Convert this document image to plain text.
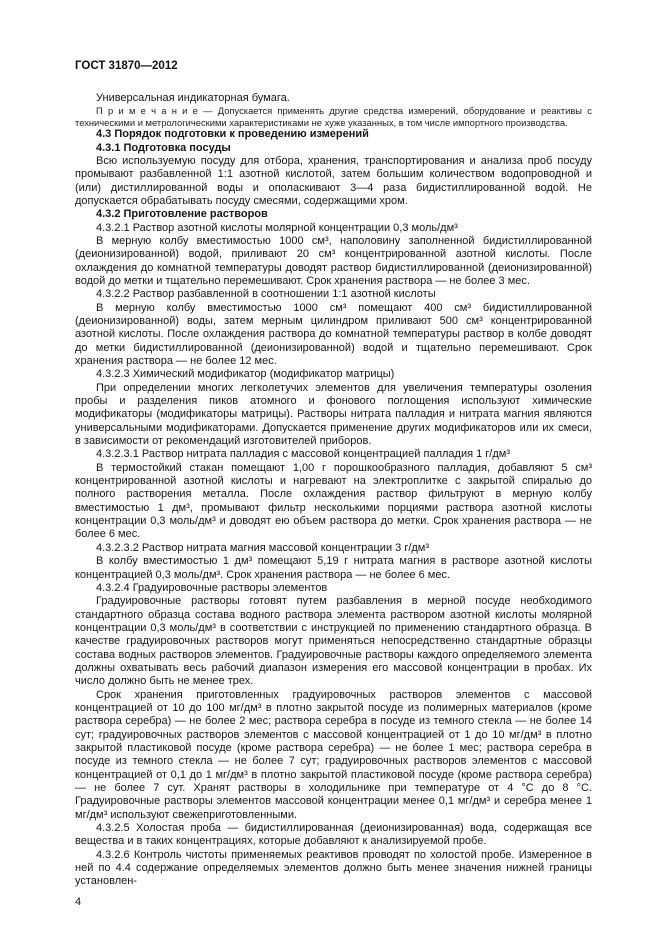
ГОСТ 31870—2012

Универсальная индикаторная бумага.

П р и м е ч а н и е — Допускается применять другие средства измерений, оборудование и реактивы с техническими и метрологическими характеристиками не хуже указанных, в том числе импортного производства.

4.3 Порядок подготовки к проведению измерений

4.3.1 Подготовка посуды

Всю используемую посуду для отбора, хранения, транспортирования и анализа проб посуду промывают разбавленной 1:1 азотной кислотой, затем большим количеством водопроводной и (или) дистиллированной воды и ополаскивают 3—4 раза бидистиллированной водой. Не допускается обрабатывать посуду смесями, содержащими хром.

4.3.2 Приготовление растворов

4.3.2.1 Раствор азотной кислоты молярной концентрации 0,3 моль/дм³

В мерную колбу вместимостью 1000 см³, наполовину заполненной бидистиллированной (деионизированной) водой, приливают 20 см³ концентрированной азотной кислоты. После охлаждения до комнатной температуры доводят раствор бидистиллированной (деионизированной) водой до метки и тщательно перемешивают. Срок хранения раствора — не более 3 мес.

4.3.2.2 Раствор разбавленной в соотношении 1:1 азотной кислоты

В мерную колбу вместимостью 1000 см³ помещают 400 см³ бидистиллированной (деионизированной) воды, затем мерным цилиндром приливают 500 см³ концентрированной азотной кислоты. После охлаждения раствора до комнатной температуры раствор в колбе доводят до метки бидистиллированной (деионизированной) водой и тщательно перемешивают. Срок хранения раствора — не более 12 мес.

4.3.2.3 Химический модификатор (модификатор матрицы)

При определении многих легколетучих элементов для увеличения температуры озоления пробы и разделения пиков атомного и фонового поглощения используют химические модификаторы (модификаторы матрицы). Растворы нитрата палладия и нитрата магния являются универсальными модификаторами. Допускается применение других модификаторов или их смеси, в зависимости от рекомендаций изготовителей приборов.

4.3.2.3.1 Раствор нитрата палладия с массовой концентрацией палладия 1 г/дм³

В термостойкий стакан помещают 1,00 г порошкообразного палладия, добавляют 5 см³ концентрированной азотной кислоты и нагревают на электроплитке с закрытой спиралью до полного растворения металла. После охлаждения раствор фильтруют в мерную колбу вместимостью 1 дм³, промывают фильтр несколькими порциями раствора азотной кислоты концентрации 0,3 моль/дм³ и доводят ею объем раствора до метки. Срок хранения раствора — не более 6 мес.

4.3.2.3.2 Раствор нитрата магния массовой концентрации 3 г/дм³

В колбу вместимостью 1 дм³ помещают 5,19 г нитрата магния в растворе азотной кислоты концентрацией 0,3 моль/дм³. Срок хранения раствора — не более 6 мес.

4.3.2.4 Градуировочные растворы элементов

Градуировочные растворы готовят путем разбавления в мерной посуде необходимого стандартного образца состава водного раствора элемента раствором азотной кислоты молярной концентрации 0,3 моль/дм³ в соответствии с инструкцией по применению стандартного образца. В качестве градуировочных растворов могут применяться непосредственно стандартные образцы состава водных растворов элементов. Градуировочные растворы каждого определяемого элемента должны охватывать весь рабочий диапазон измерения его массовой концентрации в пробах. Их число должно быть не менее трех.

Срок хранения приготовленных градуировочных растворов элементов с массовой концентрацией от 10 до 100 мг/дм³ в плотно закрытой посуде из полимерных материалов (кроме раствора серебра) — не более 2 мес; раствора серебра в посуде из темного стекла — не более 14 сут; градуировочных растворов элементов с массовой концентрацией от 1 до 10 мг/дм³ в плотно закрытой пластиковой посуде (кроме раствора серебра) — не более 1 мес; раствора серебра в посуде из темного стекла — не более 7 сут; градуировочных растворов элементов с массовой концентрацией от 0,1 до 1 мг/дм³ в плотно закрытой пластиковой посуде (кроме раствора серебра) — не более 7 сут. Хранят растворы в холодильнике при температуре от 4 °С до 8 °С. Градуировочные растворы элементов массовой концентрации менее 0,1 мг/дм³ и серебра менее 1 мг/дм³ используют свежеприготовленными.

4.3.2.5 Холостая проба — бидистиллированная (деионизированная) вода, содержащая все вещества и в таких концентрациях, которые добавляют к анализируемой пробе.

4.3.2.6 Контроль чистоты применяемых реактивов проводят по холостой пробе. Измеренное в ней по 4.4 содержание определяемых элементов должно быть менее значения нижней границы установлен-

4
